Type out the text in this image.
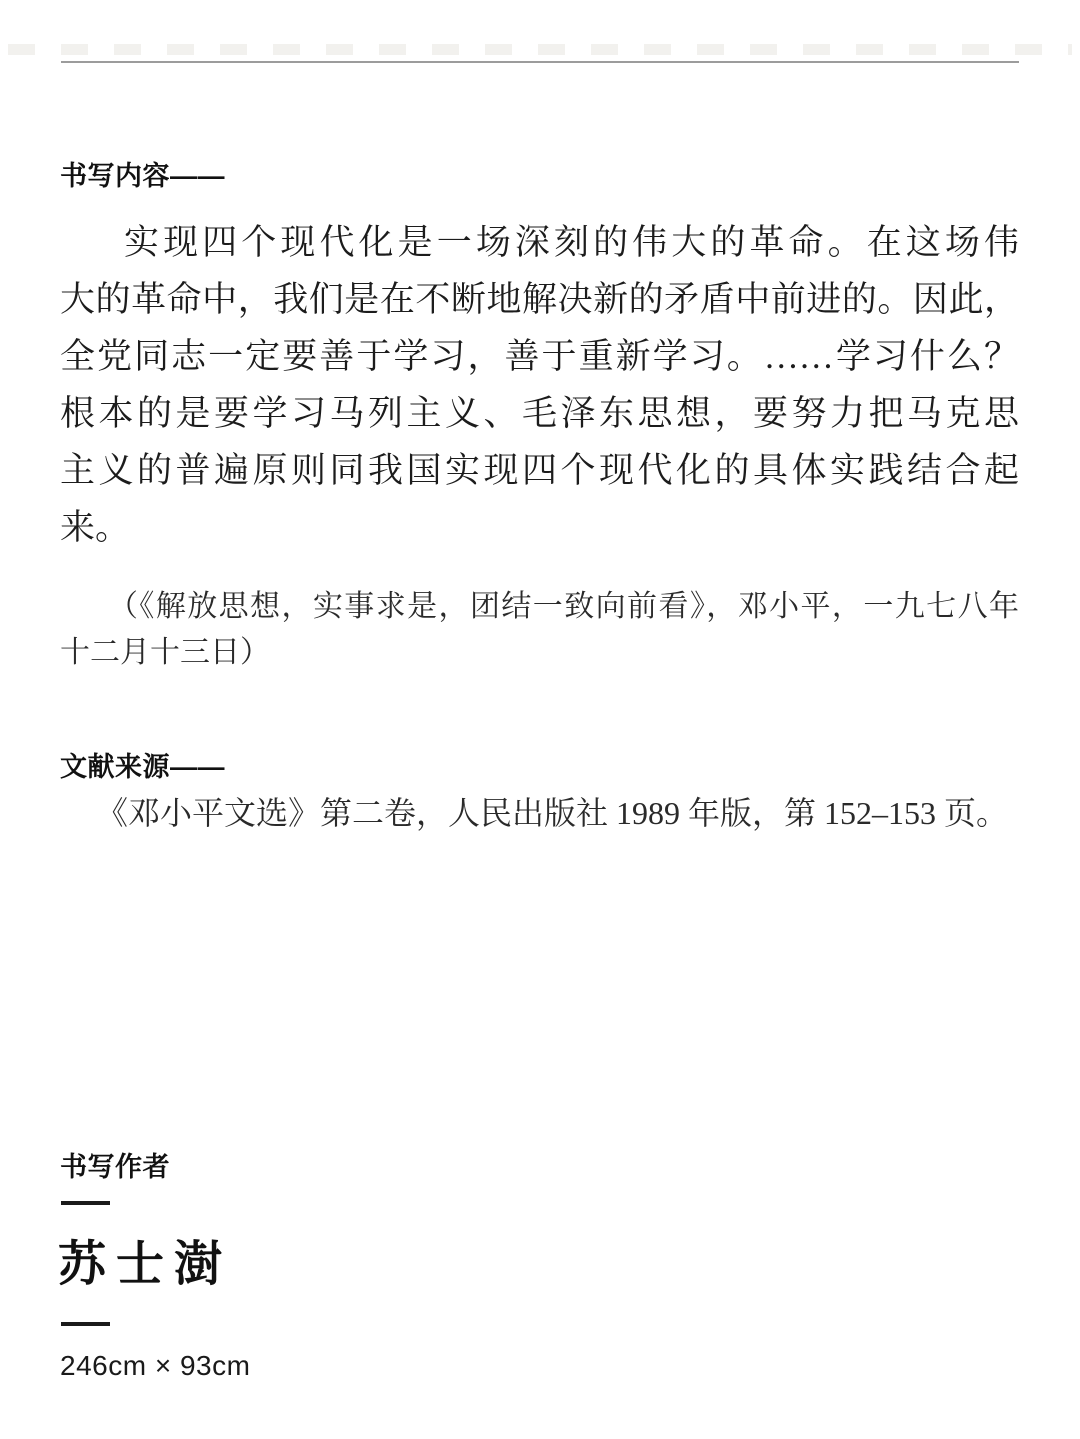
书写内容——
实现四个现代化是一场深刻的伟大的革命。在这场伟
大的革命中，我们是在不断地解决新的矛盾中前进的。因此，
全党同志一定要善于学习，善于重新学习。……学习什么？
根本的是要学习马列主义、毛泽东思想，要努力把马克思
主义的普遍原则同我国实现四个现代化的具体实践结合起
来。
（《解放思想，实事求是，团结一致向前看》，邓小平，一九七八年
十二月十三日）
文献来源——
《邓小平文选》第二卷，人民出版社 1989 年版，第 152–153 页。
书写作者
苏士澍
246cm × 93cm
